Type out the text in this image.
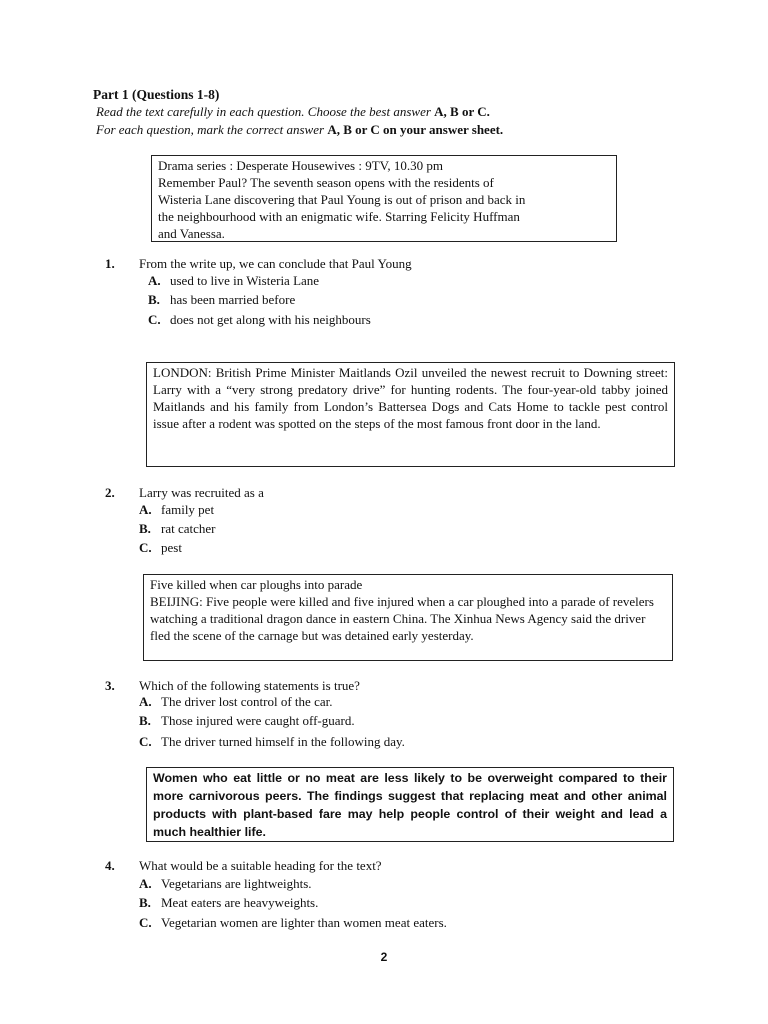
Part 1 (Questions 1-8)
Read the text carefully in each question. Choose the best answer A, B or C.
For each question, mark the correct answer A, B or C on your answer sheet.

Drama series : Desperate Housewives : 9TV, 10.30 pm

Remember Paul? The seventh season opens with the residents of

Wisteria Lane discovering that Paul Young is out of prison and back in

the neighbourhood with an enigmatic wife. Starring Felicity Huffman

and Vanessa.

1. From the write up, we can conclude that Paul Young
A. used to live in Wisteria Lane
B. has been married before
C. does not get along with his neighbours

LONDON: British Prime Minister Maitlands Ozil unveiled the newest recruit to Downing street: Larry with a “very strong predatory drive” for hunting rodents. The four-year-old tabby joined Maitlands and his family from London’s Battersea Dogs and Cats Home to tackle pest control issue after a rodent was spotted on the steps of the most famous front door in the land.

2. Larry was recruited as a
A. family pet
B. rat catcher
C. pest

Five killed when car ploughs into parade

BEIJING: Five people were killed and five injured when a car ploughed into a parade of revelers watching a traditional dragon dance in eastern China. The Xinhua News Agency said the driver fled the scene of the carnage but was detained early yesterday.

3. Which of the following statements is true?
A. The driver lost control of the car.
B. Those injured were caught off-guard.
C. The driver turned himself in the following day.

Women who eat little or no meat are less likely to be overweight compared to their more carnivorous peers. The findings suggest that replacing meat and other animal products with plant-based fare may help people control of their weight and lead a much healthier life.

4. What would be a suitable heading for the text?
A. Vegetarians are lightweights.
B. Meat eaters are heavyweights.
C. Vegetarian women are lighter than women meat eaters.
2
